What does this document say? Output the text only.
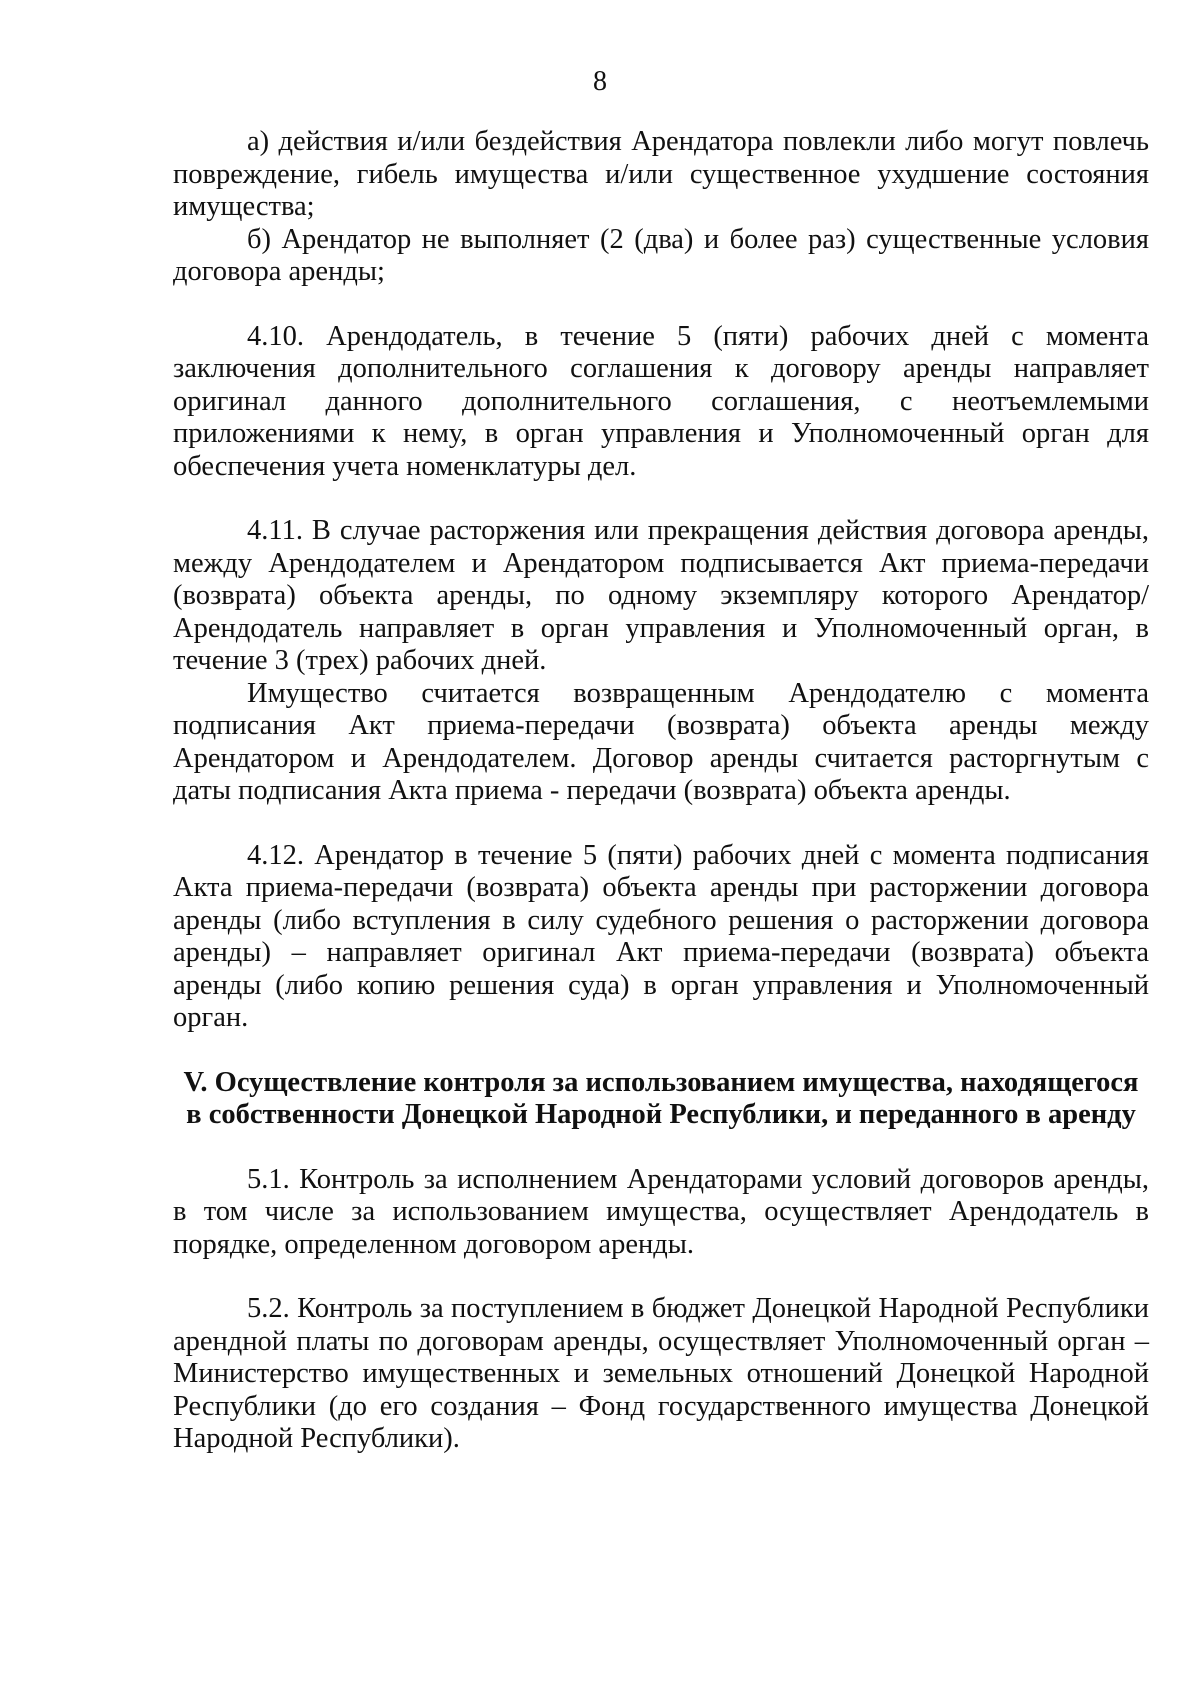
8

а) действия и/или бездействия Арендатора повлекли либо могут повлечь повреждение, гибель имущества и/или существенное ухудшение состояния имущества;

б) Арендатор не выполняет (2 (два) и более раз) существенные условия договора аренды;

4.10. Арендодатель, в течение 5 (пяти) рабочих дней с момента заключения дополнительного соглашения к договору аренды направляет оригинал данного дополнительного соглашения, с неотъемлемыми приложениями к нему, в орган управления и Уполномоченный орган для обеспечения учета номенклатуры дел.

4.11. В случае расторжения или прекращения действия договора аренды, между Арендодателем и Арендатором подписывается Акт приема-передачи (возврата) объекта аренды, по одному экземпляру которого Арендатор/Арендодатель направляет в орган управления и Уполномоченный орган, в течение 3 (трех) рабочих дней.

Имущество считается возвращенным Арендодателю с момента подписания Акт приема-передачи (возврата) объекта аренды между Арендатором и Арендодателем. Договор аренды считается расторгнутым с даты подписания Акта приема - передачи (возврата) объекта аренды.

4.12. Арендатор в течение 5 (пяти) рабочих дней с момента подписания Акта приема-передачи (возврата) объекта аренды при расторжении договора аренды (либо вступления в силу судебного решения о расторжении договора аренды) – направляет оригинал Акт приема-передачи (возврата) объекта аренды (либо копию решения суда) в орган управления и Уполномоченный орган.

V. Осуществление контроля за использованием имущества, находящегося

в собственности Донецкой Народной Республики, и переданного в аренду

5.1. Контроль за исполнением Арендаторами условий договоров аренды, в том числе за использованием имущества, осуществляет Арендодатель в порядке, определенном договором аренды.

5.2. Контроль за поступлением в бюджет Донецкой Народной Республики арендной платы по договорам аренды, осуществляет Уполномоченный орган – Министерство имущественных и земельных отношений Донецкой Народной Республики (до его создания – Фонд государственного имущества Донецкой Народной Республики).
